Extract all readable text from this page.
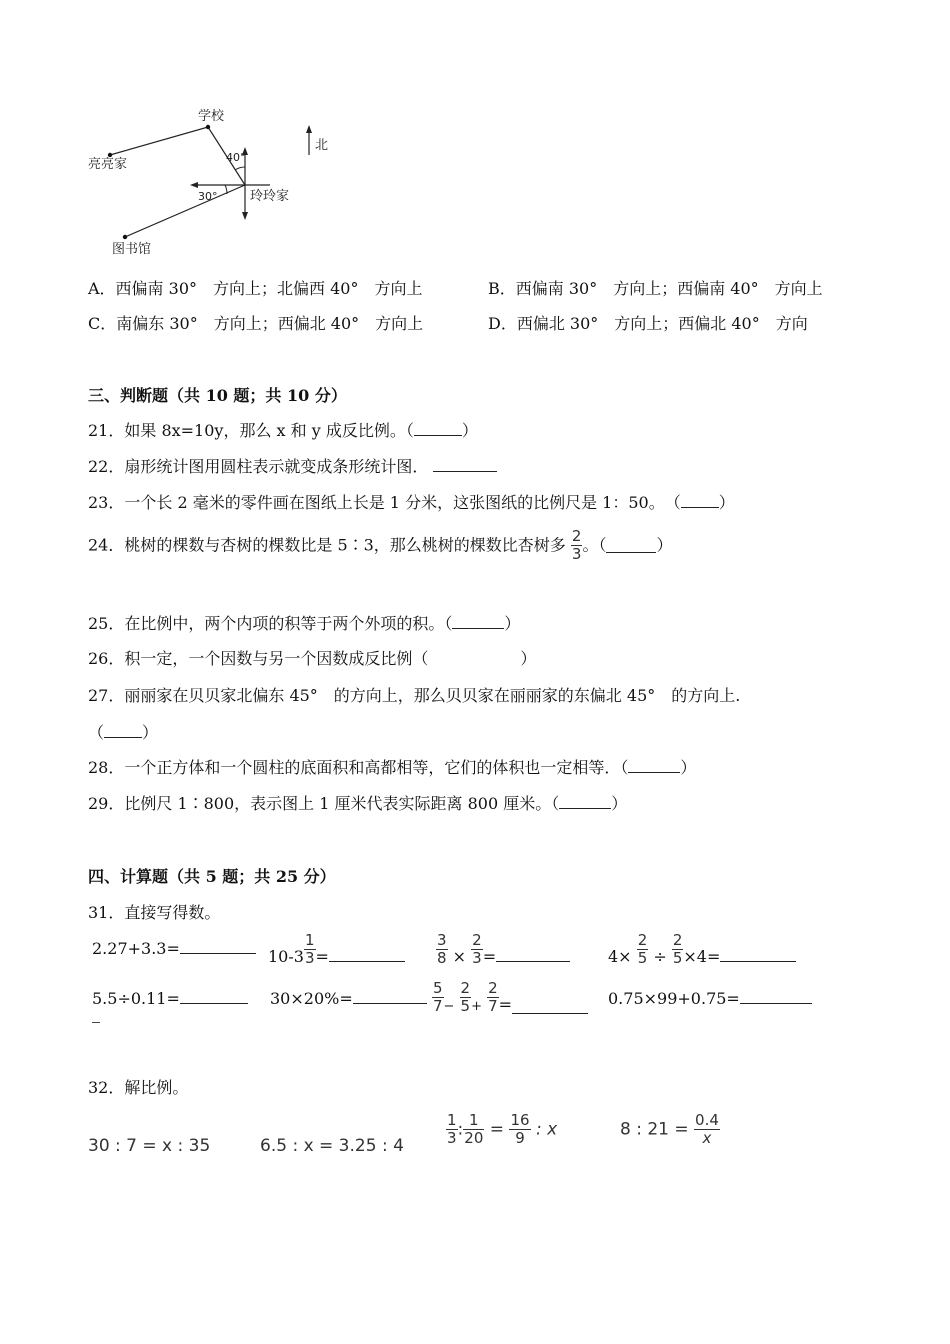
学校
亮亮家
玲玲家
图书馆
40°
30°
北
A．西偏南 30°　方向上；北偏西 40°　方向上	B．西偏南 30°　方向上；西偏南 40°　方向上
C．南偏东 30°　方向上；西偏北 40°　方向上	D．西偏北 30°　方向上；西偏北 40°　方向
三、判断题（共 10 题；共 10 分）
21．如果 8x=10y，那么 x 和 y 成反比例。（	）
22．扇形统计图用圆柱表示就变成条形统计图．
23．一个长 2 毫米的零件画在图纸上长是 1 分米，这张图纸的比例尺是 1：50。　（ ）
24．桃树的棵数与杏树的棵数比是 5∶3，那么桃树的棵数比杏树多 $\frac{2}{3}$ 。（	）
25．在比例中，两个内项的积等于两个外项的积。（	）
26．积一定，一个因数与另一个因数成反比例（	）
27．丽丽家在贝贝家北偏东 45°　的方向上，那么贝贝家在丽丽家的东偏北 45°　的方向上.
（ ）
28．一个正方体和一个圆柱的底面积和高都相等，它们的体积也一定相等．（	）
29．比例尺 1∶800，表示图上 1 厘米代表实际距离 800 厘米。（	）
四、计算题（共 5 题；共 25 分）
31．直接写得数。
2.27+3.3=	$10-3 \frac{1}{3}$ =	$\frac{3}{8} \times \frac{2}{3}$ =	$4\times \frac{2}{5} \div \frac{2}{5} \times 4=$
5.5÷0.11=	30×20%=	$\frac{5}{7} _- \frac{2}{5} _+ \frac{2}{7}$ =	0.75×99+0.75=
32．解比例。
30 : 7 = x : 35	6.5 : x = 3.25 : 4	$\frac{1}{3}$ : $\frac{1}{20} = \frac{16}{9}$ : x	8 : $21 = \frac{0.4}{x}$
